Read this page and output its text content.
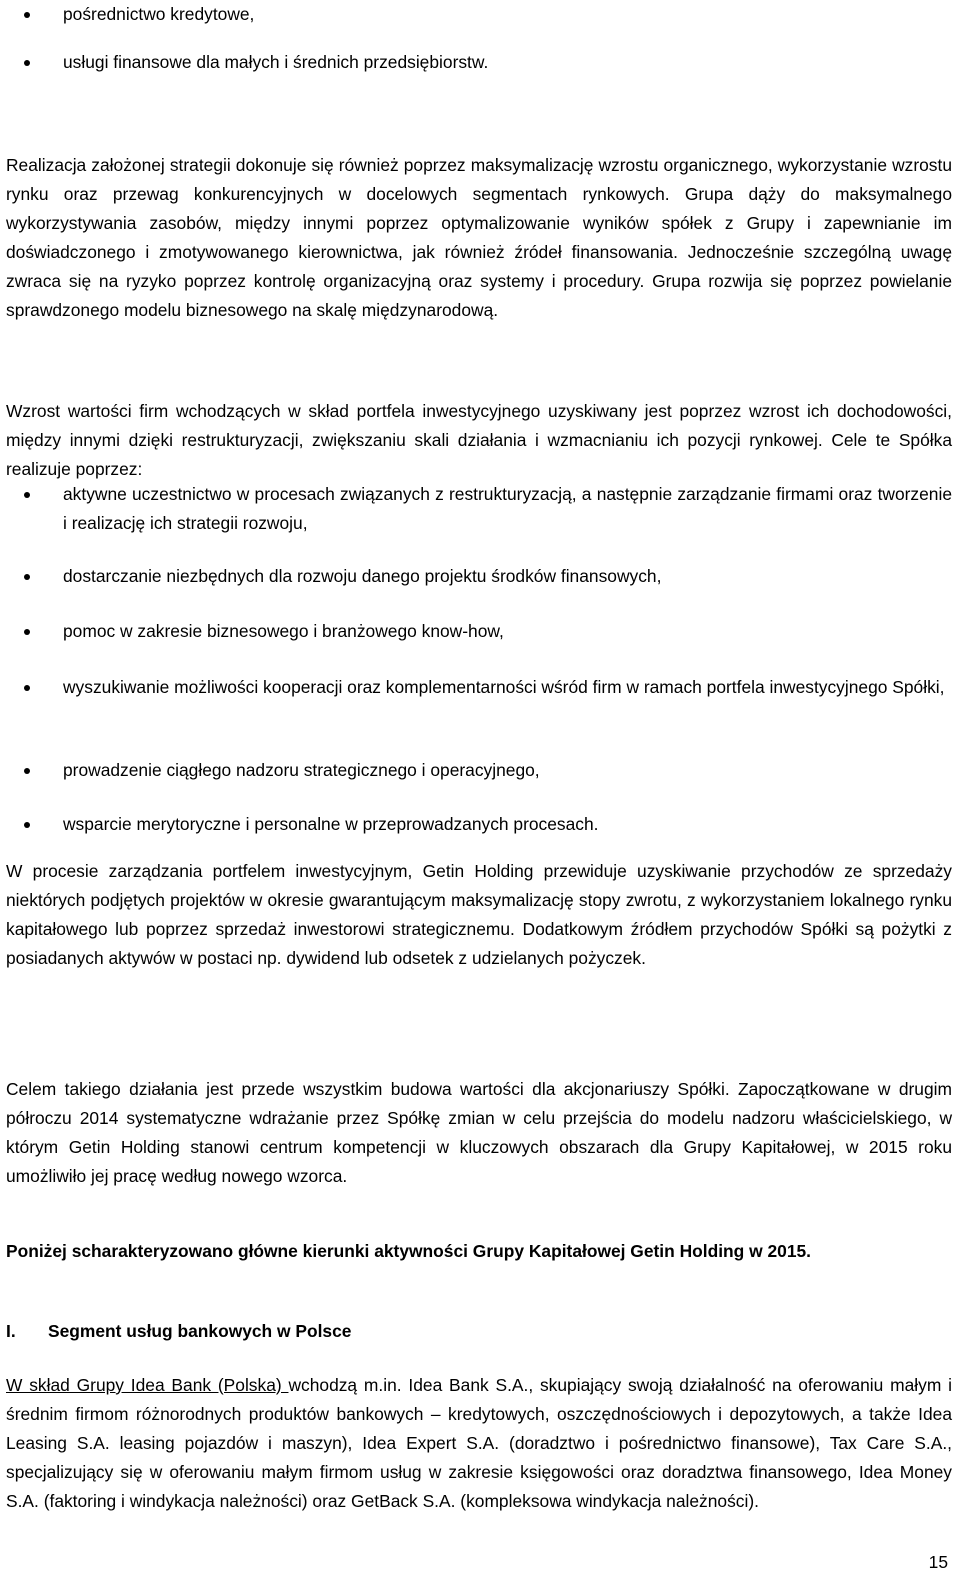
pośrednictwo kredytowe,

usługi finansowe dla małych i średnich przedsiębiorstw.

Realizacja założonej strategii dokonuje się również poprzez maksymalizację wzrostu organicznego, wykorzystanie wzrostu rynku oraz przewag konkurencyjnych w docelowych segmentach rynkowych. Grupa dąży do maksymalnego wykorzystywania zasobów, między innymi poprzez optymalizowanie wyników spółek z Grupy i zapewnianie im doświadczonego i zmotywowanego kierownictwa, jak również źródeł finansowania. Jednocześnie szczególną uwagę zwraca się na ryzyko poprzez kontrolę organizacyjną oraz systemy i procedury. Grupa rozwija się poprzez powielanie sprawdzonego modelu biznesowego na skalę międzynarodową.

Wzrost wartości firm wchodzących w skład portfela inwestycyjnego uzyskiwany jest poprzez wzrost ich dochodowości, między innymi dzięki restrukturyzacji, zwiększaniu skali działania i wzmacnianiu ich pozycji rynkowej. Cele te Spółka realizuje poprzez:

aktywne uczestnictwo w procesach związanych z restrukturyzacją, a następnie zarządzanie firmami oraz tworzenie i realizację ich strategii rozwoju,

dostarczanie niezbędnych dla rozwoju danego projektu środków finansowych,

pomoc w zakresie biznesowego i branżowego know-how,

wyszukiwanie możliwości kooperacji oraz komplementarności wśród firm w ramach portfela inwestycyjnego Spółki,

prowadzenie ciągłego nadzoru strategicznego i operacyjnego,

wsparcie merytoryczne i personalne w przeprowadzanych procesach.

W procesie zarządzania portfelem inwestycyjnym, Getin Holding przewiduje uzyskiwanie przychodów ze sprzedaży niektórych podjętych projektów w okresie gwarantującym maksymalizację stopy zwrotu, z wykorzystaniem lokalnego rynku kapitałowego lub poprzez sprzedaż inwestorowi strategicznemu. Dodatkowym źródłem przychodów Spółki są pożytki z posiadanych aktywów w postaci np. dywidend lub odsetek z udzielanych pożyczek.

Celem takiego działania jest przede wszystkim budowa wartości dla akcjonariuszy Spółki. Zapoczątkowane w drugim półroczu 2014 systematyczne wdrażanie przez Spółkę zmian w celu przejścia do modelu nadzoru właścicielskiego, w którym Getin Holding stanowi centrum kompetencji w kluczowych obszarach dla Grupy Kapitałowej, w 2015 roku umożliwiło jej pracę według nowego wzorca.

Poniżej scharakteryzowano główne kierunki aktywności Grupy Kapitałowej Getin Holding w 2015.

I. Segment usług bankowych w Polsce

W skład Grupy Idea Bank (Polska) wchodzą m.in. Idea Bank S.A., skupiający swoją działalność na oferowaniu małym i średnim firmom różnorodnych produktów bankowych – kredytowych, oszczędnościowych i depozytowych, a także Idea Leasing S.A. leasing pojazdów i maszyn), Idea Expert S.A. (doradztwo i pośrednictwo finansowe), Tax Care S.A., specjalizujący się w oferowaniu małym firmom usług w zakresie księgowości oraz doradztwa finansowego, Idea Money S.A. (faktoring i windykacja należności) oraz GetBack S.A. (kompleksowa windykacja należności).

15
